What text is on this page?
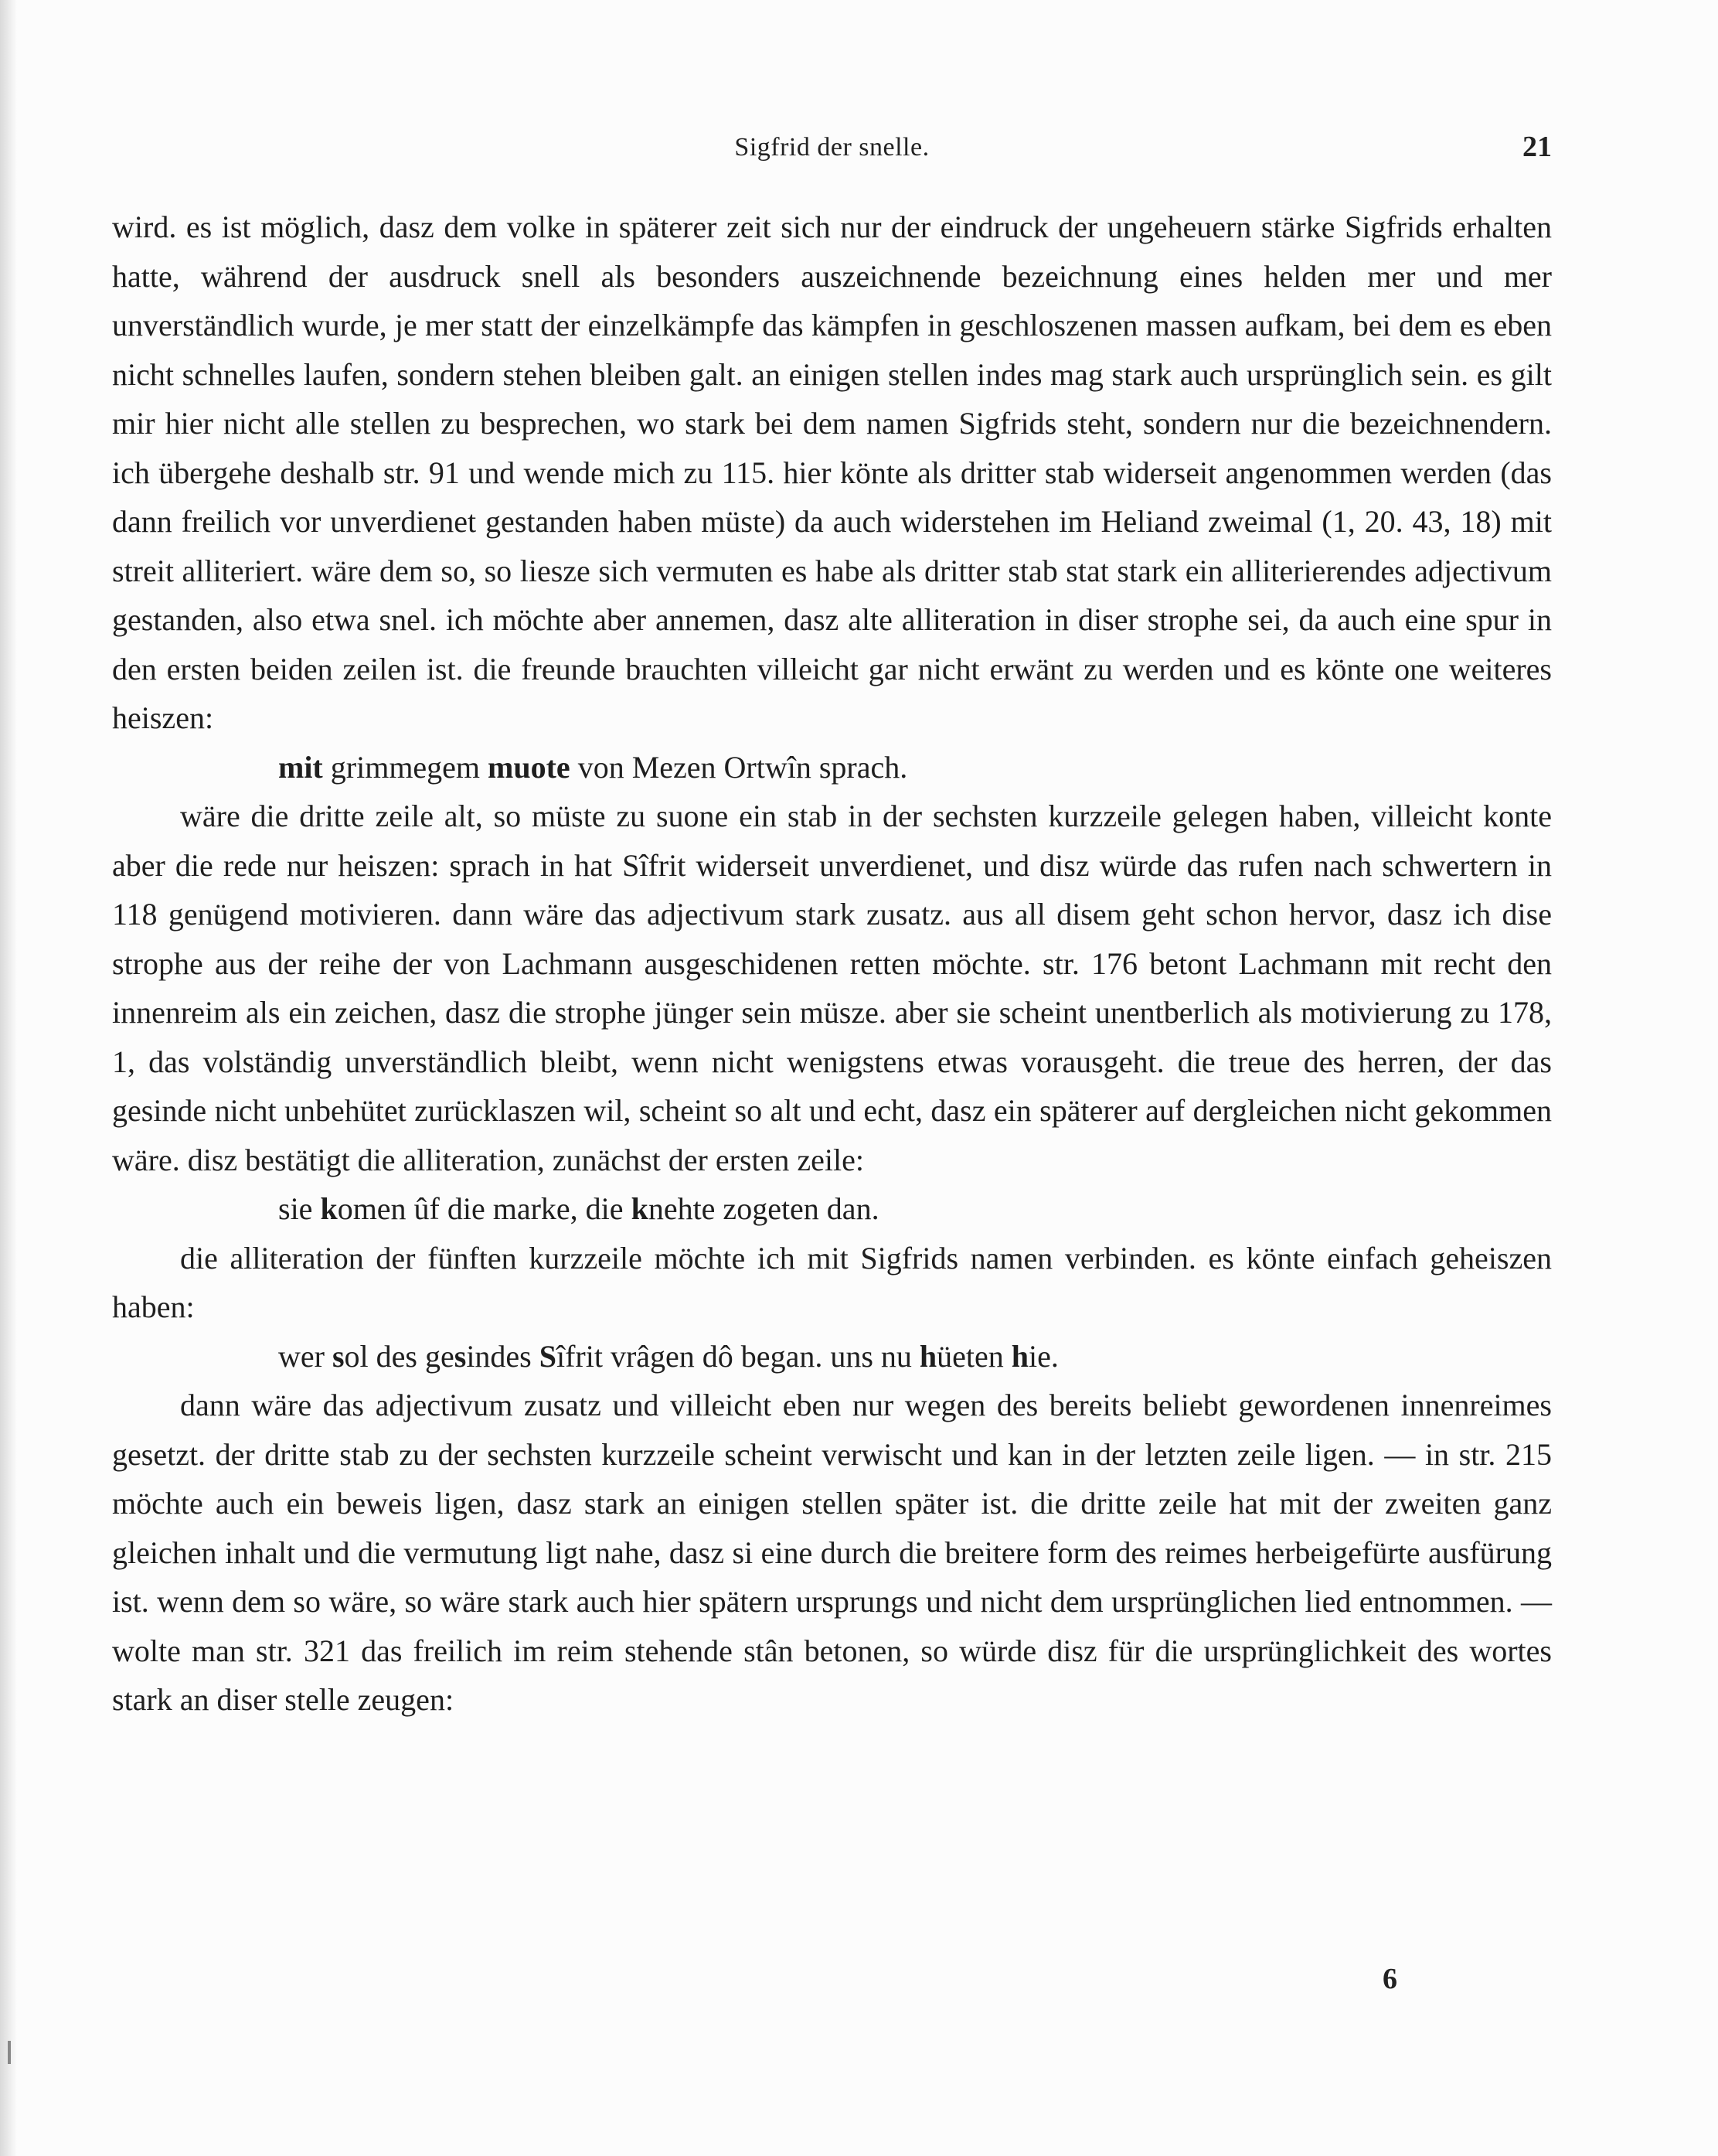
Sigfrid der snelle.	21

wird. es ist möglich, dasz dem volke in späterer zeit sich nur der eindruck der ungeheuern stärke Sigfrids erhalten hatte, während der ausdruck snell als besonders auszeichnende bezeichnung eines helden mer und mer unverständlich wurde, je mer statt der einzelkämpfe das kämpfen in geschloszenen massen aufkam, bei dem es eben nicht schnelles laufen, sondern stehen bleiben galt. an einigen stellen indes mag stark auch ursprünglich sein. es gilt mir hier nicht alle stellen zu besprechen, wo stark bei dem namen Sigfrids steht, sondern nur die bezeichnendern. ich übergehe deshalb str. 91 und wende mich zu 115. hier könte als dritter stab widerseit angenommen werden (das dann freilich vor unverdienet gestanden haben müste) da auch widerstehen im Heliand zweimal (1, 20. 43, 18) mit streit alliteriert. wäre dem so, so liesze sich vermuten es habe als dritter stab stat stark ein alliterierendes adjectivum gestanden, also etwa snel. ich möchte aber annemen, dasz alte alliteration in diser strophe sei, da auch eine spur in den ersten beiden zeilen ist. die freunde brauchten villeicht gar nicht erwänt zu werden und es könte one weiteres heiszen:

mit grimmegem muote von Mezen Ortwîn sprach.

wäre die dritte zeile alt, so müste zu suone ein stab in der sechsten kurzzeile gelegen haben, villeicht konte aber die rede nur heiszen: sprach in hat Sîfrit widerseit unverdienet, und disz würde das rufen nach schwertern in 118 genügend motivieren. dann wäre das adjectivum stark zusatz. aus all disem geht schon hervor, dasz ich dise strophe aus der reihe der von Lachmann ausgeschidenen retten möchte. str. 176 betont Lachmann mit recht den innenreim als ein zeichen, dasz die strophe jünger sein müsze. aber sie scheint unentberlich als motivierung zu 178, 1, das volständig unverständlich bleibt, wenn nicht wenigstens etwas vorausgeht. die treue des herren, der das gesinde nicht unbehütet zurücklaszen wil, scheint so alt und echt, dasz ein späterer auf dergleichen nicht gekommen wäre. disz bestätigt die alliteration, zunächst der ersten zeile:

sie komen ûf die marke, die knehte zogeten dan.

die alliteration der fünften kurzzeile möchte ich mit Sigfrids namen verbinden. es könte einfach geheiszen haben:

wer sol des gesindes Sîfrit vrâgen dô began. uns nu hüeten hie.

dann wäre das adjectivum zusatz und villeicht eben nur wegen des bereits beliebt gewordenen innenreimes gesetzt. der dritte stab zu der sechsten kurzzeile scheint verwischt und kan in der letzten zeile ligen. — in str. 215 möchte auch ein beweis ligen, dasz stark an einigen stellen später ist. die dritte zeile hat mit der zweiten ganz gleichen inhalt und die vermutung ligt nahe, dasz si eine durch die breitere form des reimes herbeigefürte ausfürung ist. wenn dem so wäre, so wäre stark auch hier spätern ursprungs und nicht dem ursprünglichen lied entnommen. — wolte man str. 321 das freilich im reim stehende stân betonen, so würde disz für die ursprünglichkeit des wortes stark an diser stelle zeugen:

6
